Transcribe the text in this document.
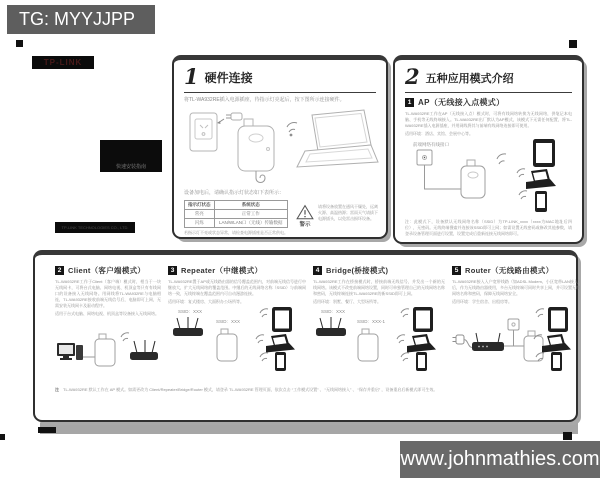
TG: MYYJJPP
TP-LINK
快速安装指南
TP-LINK TECHNOLOGIES CO., LTD.
1 硬件连接
将TL-WA932RE插入电源插座，待指示灯亮起后，按下图所示连接硬件。
设备加电后，请确认指示灯状态如下表所示：
指示灯状态	系统状态
常亮	正常工作
闪烁	LAN/WLAN口（无线）传输数据
若指示灯不亮或状态异常，请检查电源插座是否正常供电。
警示
请将设备放置在通风干燥处，远离火源、高温热源；雷雨天气请拔下电源插头，以免雷击损坏设备。
2 五种应用模式介绍
1 AP（无线接入点模式）
TL-WA932RE工作在AP（无线接入点）模式时，可将有线网络转换为无线网络，供笔记本电脑、手机等无线终端接入。TL-WA932RE出厂默认为AP模式，该模式下无需任何配置，将TL-WA932RE插入电源插座，并用网线将其与前端有线网络连接即可使用。
适用环境：酒店、宾馆、会展中心等。
前端网络有线接口
注：此模式下，设备默认无线网络名称（SSID）为TP-LINK_xxxx（xxxx为MAC地址后四位），无密码。无线终端搜索并连接该SSID即可上网；如需设置无线密码或修改其他参数，请登录设备管理页面进行设置，设置完成后重新连接无线网络即可。
2 Client（客户端模式）
TL-WA932RE工作于Client（客户端）模式时，相当于一块无线网卡，可将台式电脑、网络电视、机顶盒等只有有线网口的设备接入无线网络。用网线将TL-WA932RE与电脑相连，TL-WA932RE接收前端无线信号后，电脑即可上网，无需安装无线网卡及驱动程序。
适用于台式电脑、网络电视、机顶盒等设备接入无线网络。
3 Repeater（中继模式）
TL-WA932RE置于AP或无线路由器的信号覆盖范围内，对前端无线信号进行中继放大，扩大无线网络的覆盖范围。中继后的无线网络名称（SSID）与前端网络一致，无线终端在覆盖范围内可自动漫游连接。
适用环境：复式楼房、大面积办公场所等。
SSID：XXX
SSID：XXX
4 Bridge(桥接模式)
TL-WA932RE工作在桥接模式时，桥接前端无线信号，并发出一个新的无线网络。该模式不改变前端网络设置，同时可单独管理自己的无线网络名称和密码，无线终端连接TL-WA932RE的新SSID即可上网。
适用环境：别墅、餐厅、大型场所等。
SSID：XXX
SSID：XXX-1
5 Router（无线路由模式）
TL-WA932RE接入入户宽带线路（如ADSL Modem、小区宽带LAN接入）后，作为无线路由器使用，多台无线终端可同时共享上网，并可设置无线网络名称和密码，保障无线网络安全。
适用环境：学生宿舍、出租房等。
注 TL-WA932RE 默认工作在 AP 模式。如需更改为 Client/Repeater/Bridge/Router 模式，请登录 TL-WA932RE 管理页面，依次点击 “工作模式设置” 、 “无线网络接入” 、 “保存并重启” ，设备重启后新模式即可生效。
www.johnmathies.com
